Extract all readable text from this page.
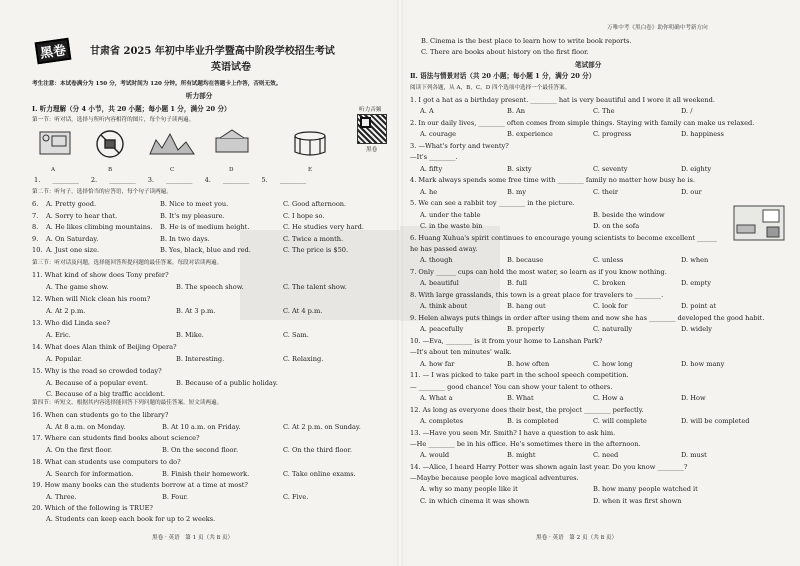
万唯中考《黑白卷》助你明确中考新方向
黑卷	甘肃省 2025 年初中毕业升学暨高中阶段学校招生考试
英语试卷
考生注意：本试卷满分为 150 分，考试时间为 120 分钟。所有试题均在答题卡上作答，否则无效。
听力部分
Ⅰ. 听力理解（分 4 小节，共 20 小题；每小题 1 分，满分 20 分）
第一节：听对话，选择与所听内容相符的图片，每个句子读两遍。
听力音频
黑卷
A	B	C	D	E
1. ________ 2. ________ 3. ________ 4. ________ 5. ________
第二节：听句子，选择恰当的应答语，每个句子读两遍。
6. A. Pretty good.	B. Nice to meet you.	C. Good afternoon.
7. A. Sorry to hear that.	B. It's my pleasure.	C. I hope so.
8. A. He likes climbing mountains. B. He is of medium height.	C. He studies very hard.
9. A. On Saturday.	B. In two days.	C. Twice a month.
10. A. Just one size.	B. Yes, black, blue and red.	C. The price is $50.
第三节：听对话及问题，选择能回答所提问题的最佳答案。每段对话读两遍。
11. What kind of show does Tony prefer?
A. The game show.	B. The speech show.	C. The talent show.
12. When will Nick clean his room?
A. At 2 p.m.	B. At 3 p.m.	C. At 4 p.m.
13. Who did Linda see?
A. Eric.	B. Mike.	C. Sam.
14. What does Alan think of Beijing Opera?
A. Popular.	B. Interesting.	C. Relaxing.
15. Why is the road so crowded today?
A. Because of a popular event.	B. Because of a public holiday.
C. Because of a big traffic accident.
第四节：听短文，根据其内容选择能回答下列问题的最佳答案。短文读两遍。
16. When can students go to the library?
A. At 8 a.m. on Monday.	B. At 10 a.m. on Friday.	C. At 2 p.m. on Sunday.
17. Where can students find books about science?
A. On the first floor.	B. On the second floor.	C. On the third floor.
18. What can students use computers to do?
A. Search for information.	B. Finish their homework.	C. Take online exams.
19. How many books can the students borrow at a time at most?
A. Three.	B. Four.	C. Five.
20. Which of the following is TRUE?
A. Students can keep each book for up to 2 weeks.
黑卷 · 英语　第 1 页（共 8 页）
B. Cinema is the best place to learn how to write book reports.
C. There are books about history on the first floor.
笔试部分
Ⅱ. 语法与情景对话（共 20 小题；每小题 1 分，满分 20 分）
阅读下列各题，从 A，B，C，D 四个选项中选择一个最佳答案。
1. I got a hat as a birthday present. ________ hat is very beautiful and I wore it all weekend.
A. A	B. An	C. The	D. /
2. In our daily lives, ________ often comes from simple things. Staying with family can make us relaxed.
A. courage	B. experience	C. progress	D. happiness
3. —What's forty and twenty?
—It's ________.
A. fifty	B. sixty	C. seventy	D. eighty
4. Mark always spends some free time with ________ family no matter how busy he is.
A. he	B. my	C. their	D. our
5. We can see a rabbit toy ________ in the picture.
A. under the table	B. beside the window
C. in the waste bin	D. on the sofa
6. Huang Xuhua's spirit continues to encourage young scientists to become excellent ______
he has passed away.
A. though	B. because	C. unless	D. when
7. Only ______ cups can hold the most water, so learn as if you know nothing.
A. beautiful	B. full	C. broken	D. empty
8. With large grasslands, this town is a great place for travelers to ________.
A. think about	B. hang out	C. look for	D. point at
9. Helen always puts things in order after using them and now she has ________ developed the good habit.
A. peacefully	B. properly	C. naturally	D. widely
10. —Eva, ________ is it from your home to Lanshan Park?
—It's about ten minutes' walk.
A. how far	B. how often	C. how long	D. how many
11. — I was picked to take part in the school speech competition.
— ________ good chance! You can show your talent to others.
A. What a	B. What	C. How a	D. How
12. As long as everyone does their best, the project ________ perfectly.
A. completes	B. is completed	C. will complete	D. will be completed
13. —Have you seen Mr. Smith? I have a question to ask him.
—He ________ be in his office. He's sometimes there in the afternoon.
A. would	B. might	C. need	D. must
14. —Alice, I heard Harry Potter was shown again last year. Do you know ________?
—Maybe because people love magical adventures.
A. why so many people like it	B. how many people watched it
C. in which cinema it was shown	D. when it was first shown
黑卷 · 英语　第 2 页（共 8 页）
